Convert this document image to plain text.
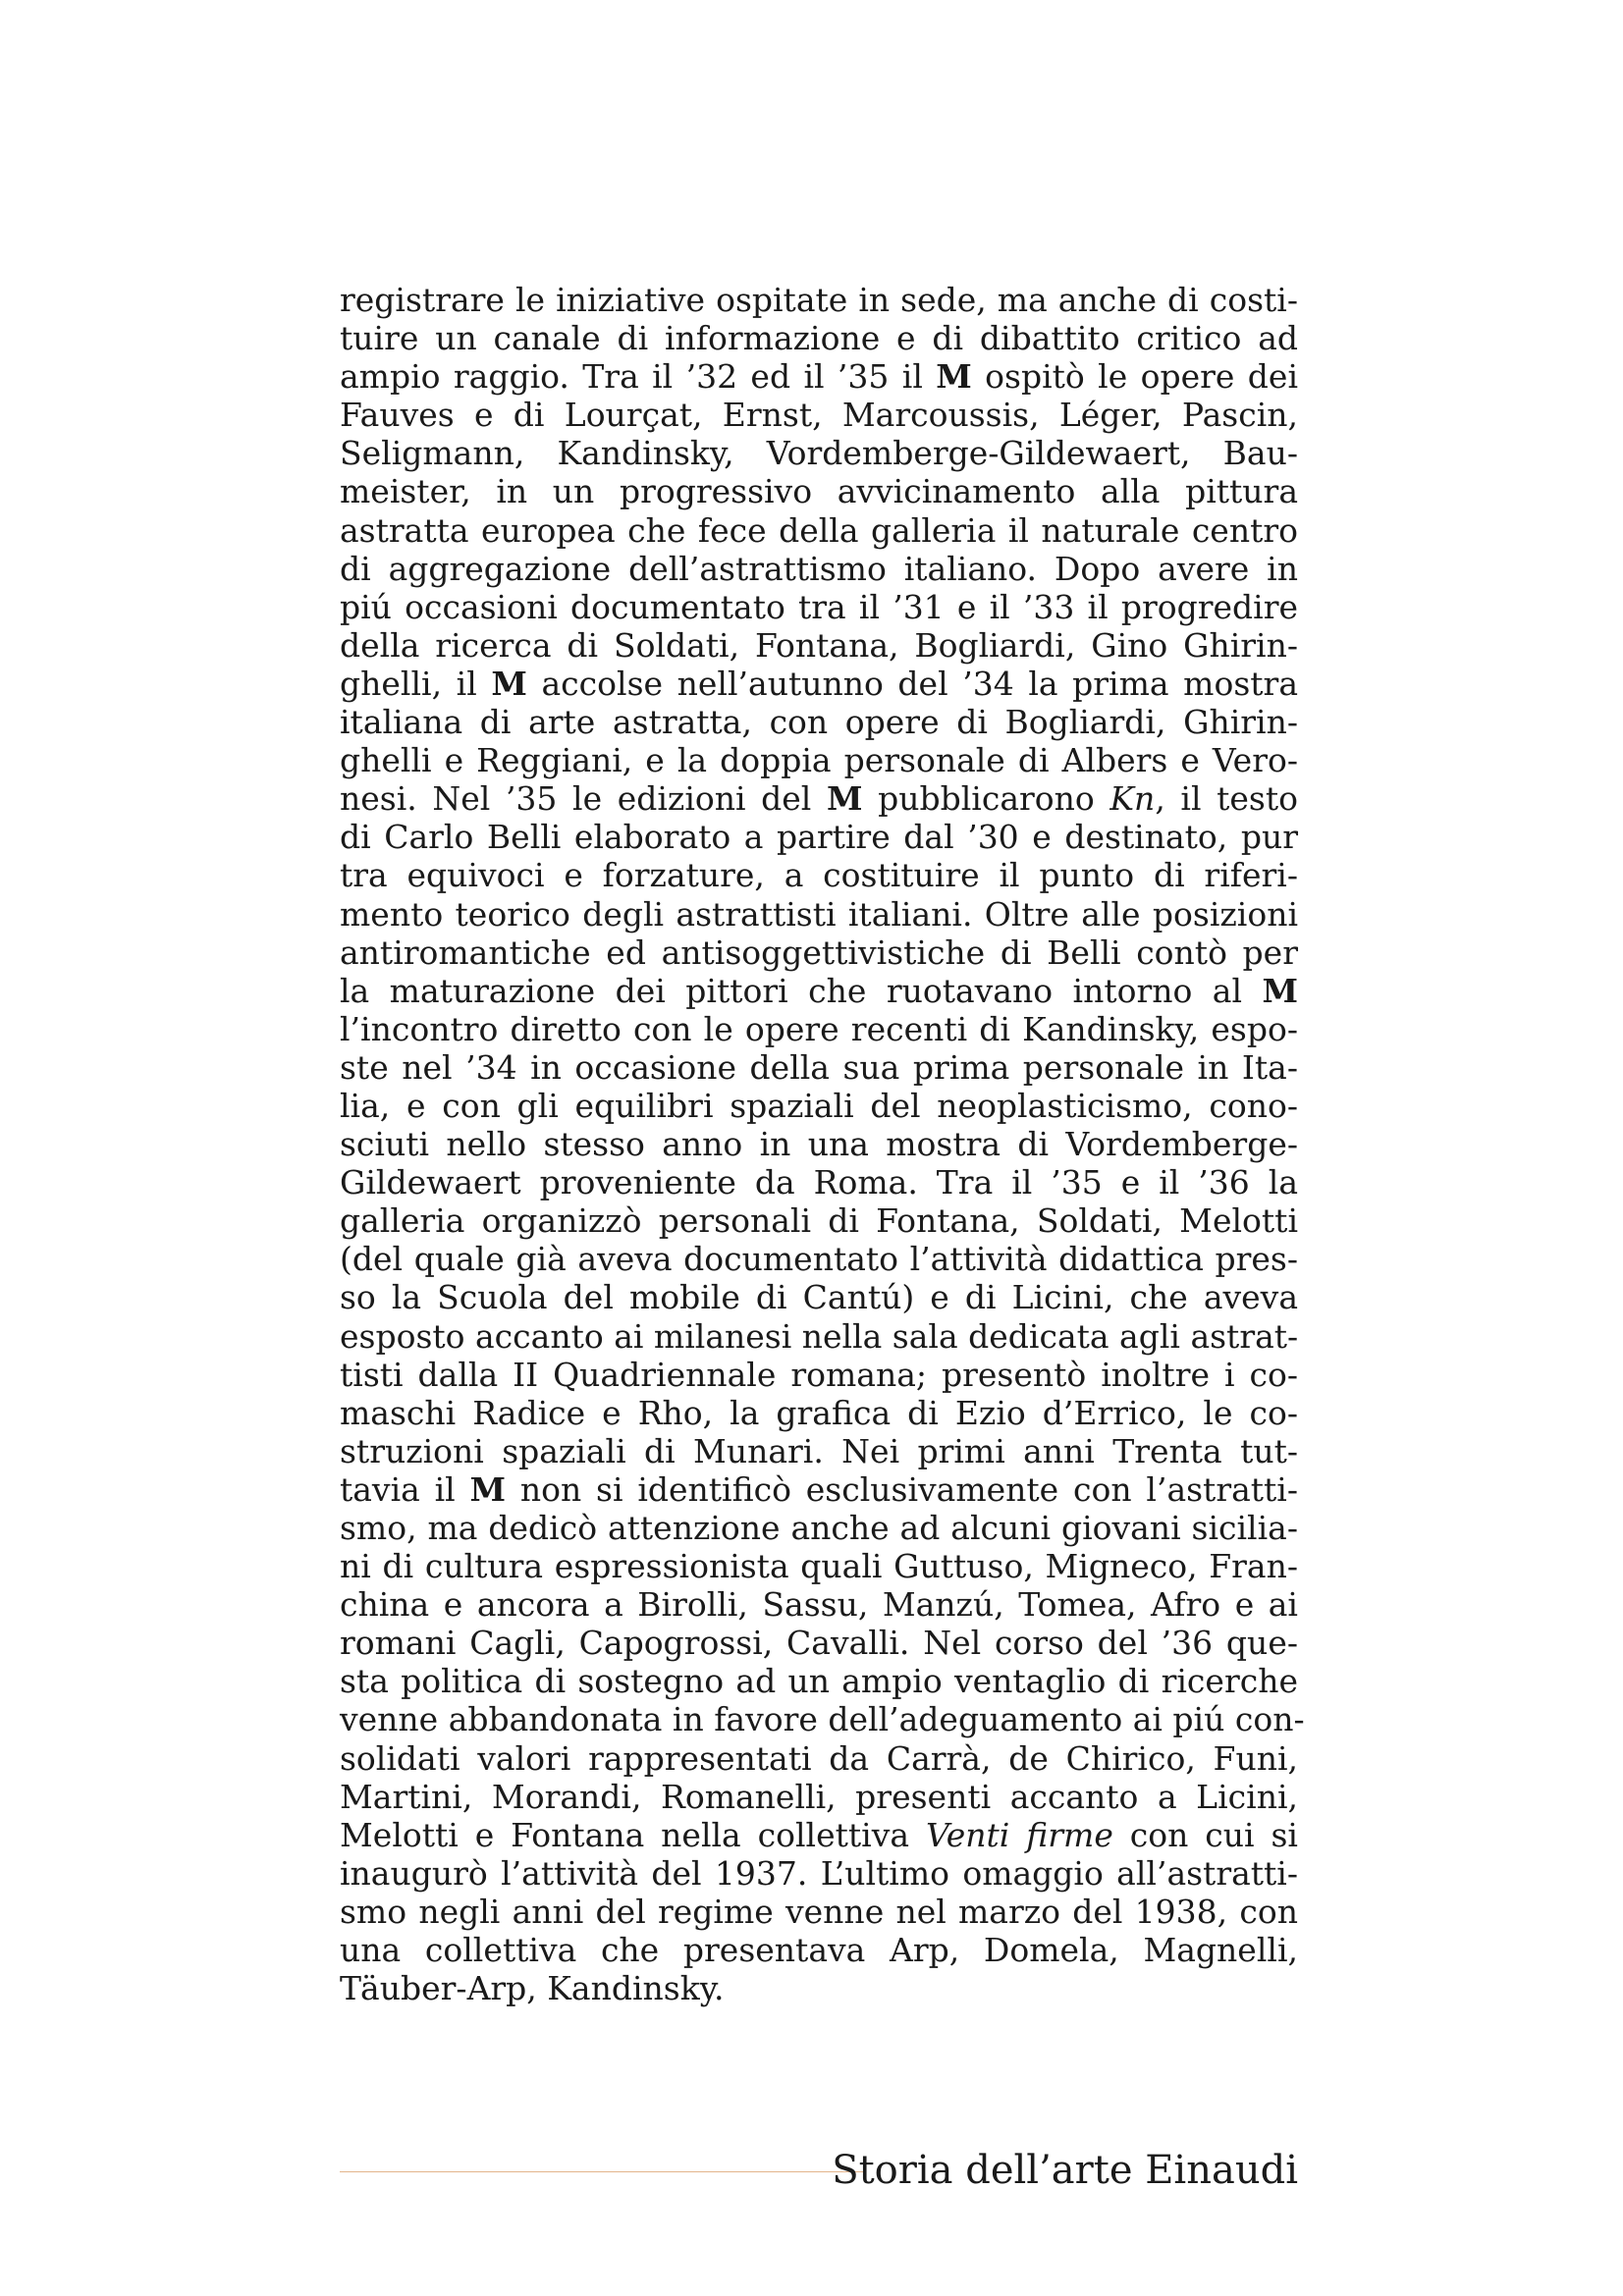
registrare le iniziative ospitate in sede, ma anche di costi-
tuire un canale di informazione e di dibattito critico ad
ampio raggio. Tra il ’32 ed il ’35 il M ospitò le opere dei
Fauves e di Lourçat, Ernst, Marcoussis, Léger, Pascin,
Seligmann, Kandinsky, Vordemberge-Gildewaert, Bau-
meister, in un progressivo avvicinamento alla pittura
astratta europea che fece della galleria il naturale centro
di aggregazione dell’astrattismo italiano. Dopo avere in
piú occasioni documentato tra il ’31 e il ’33 il progredire
della ricerca di Soldati, Fontana, Bogliardi, Gino Ghirin-
ghelli, il M accolse nell’autunno del ’34 la prima mostra
italiana di arte astratta, con opere di Bogliardi, Ghirin-
ghelli e Reggiani, e la doppia personale di Albers e Vero-
nesi. Nel ’35 le edizioni del M pubblicarono Kn, il testo
di Carlo Belli elaborato a partire dal ’30 e destinato, pur
tra equivoci e forzature, a costituire il punto di riferi-
mento teorico degli astrattisti italiani. Oltre alle posizioni
antiromantiche ed antisoggettivistiche di Belli contò per
la maturazione dei pittori che ruotavano intorno al M
l’incontro diretto con le opere recenti di Kandinsky, espo-
ste nel ’34 in occasione della sua prima personale in Ita-
lia, e con gli equilibri spaziali del neoplasticismo, cono-
sciuti nello stesso anno in una mostra di Vordemberge-
Gildewaert proveniente da Roma. Tra il ’35 e il ’36 la
galleria organizzò personali di Fontana, Soldati, Melotti
(del quale già aveva documentato l’attività didattica pres-
so la Scuola del mobile di Cantú) e di Licini, che aveva
esposto accanto ai milanesi nella sala dedicata agli astrat-
tisti dalla II Quadriennale romana; presentò inoltre i co-
maschi Radice e Rho, la grafica di Ezio d’Errico, le co-
struzioni spaziali di Munari. Nei primi anni Trenta tut-
tavia il M non si identificò esclusivamente con l’astratti-
smo, ma dedicò attenzione anche ad alcuni giovani sicilia-
ni di cultura espressionista quali Guttuso, Migneco, Fran-
china e ancora a Birolli, Sassu, Manzú, Tomea, Afro e ai
romani Cagli, Capogrossi, Cavalli. Nel corso del ’36 que-
sta politica di sostegno ad un ampio ventaglio di ricerche
venne abbandonata in favore dell’adeguamento ai piú con-
solidati valori rappresentati da Carrà, de Chirico, Funi,
Martini, Morandi, Romanelli, presenti accanto a Licini,
Melotti e Fontana nella collettiva Venti firme con cui si
inaugurò l’attività del 1937. L’ultimo omaggio all’astratti-
smo negli anni del regime venne nel marzo del 1938, con
una collettiva che presentava Arp, Domela, Magnelli,
Täuber-Arp, Kandinsky.
Storia dell’arte Einaudi
